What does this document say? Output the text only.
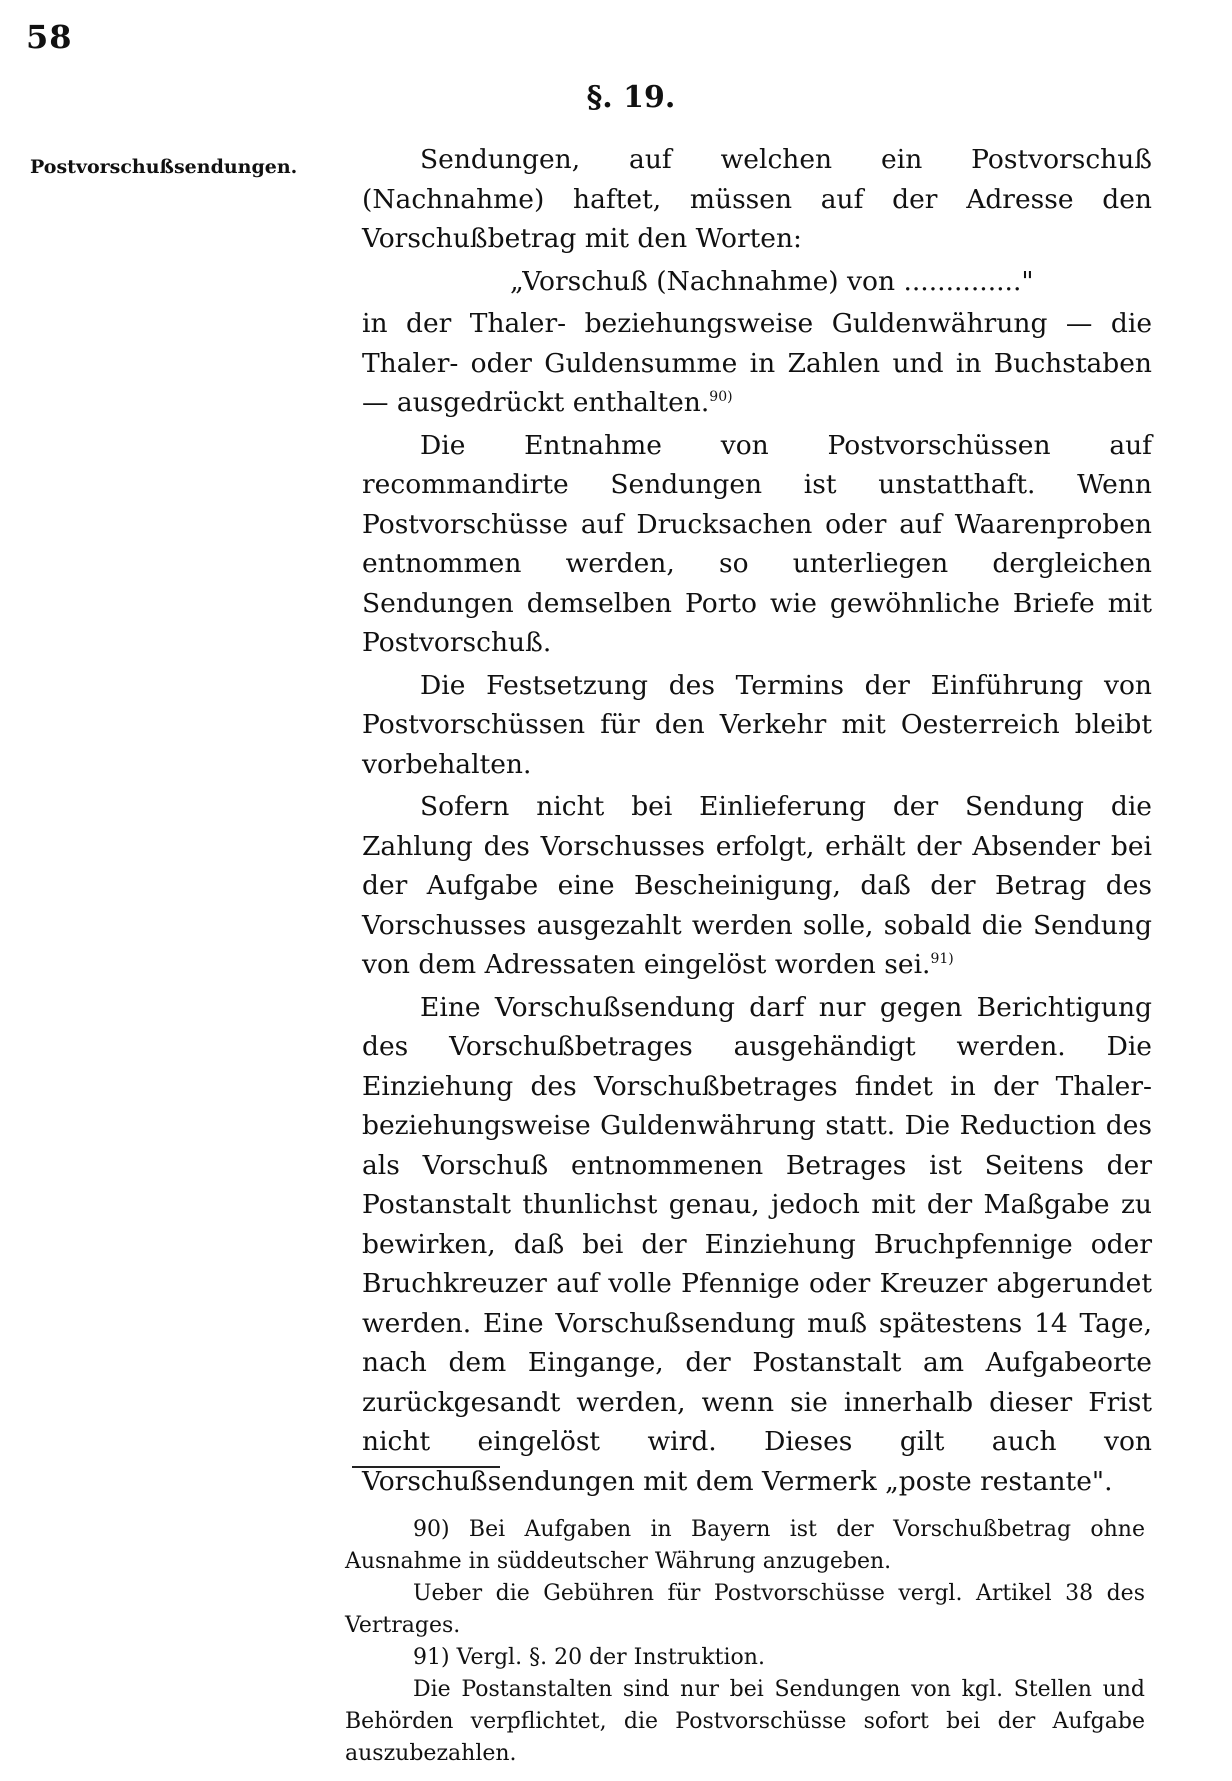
58
§. 19.
Postvorschußsendungen.	Sendungen, auf welchen ein Postvorschuß (Nachnahme) haftet, müssen auf der Adresse den Vorschußbetrag mit den Worten:

„Vorschuß (Nachnahme) von .............."

in der Thaler- beziehungsweise Guldenwährung — die Thaler- oder Guldensumme in Zahlen und in Buchstaben — ausgedrückt enthalten.$^{90)}$

Die Entnahme von Postvorschüssen auf recommandirte Sendungen ist unstatthaft. Wenn Postvorschüsse auf Drucksachen oder auf Waarenproben entnommen werden, so unterliegen dergleichen Sendungen demselben Porto wie gewöhnliche Briefe mit Postvorschuß.

Die Festsetzung des Termins der Einführung von Postvorschüssen für den Verkehr mit Oesterreich bleibt vorbehalten.

Sofern nicht bei Einlieferung der Sendung die Zahlung des Vorschusses erfolgt, erhält der Absender bei der Aufgabe eine Bescheinigung, daß der Betrag des Vorschusses ausgezahlt werden solle, sobald die Sendung von dem Adressaten eingelöst worden sei.$^{91)}$

Eine Vorschußsendung darf nur gegen Berichtigung des Vorschußbetrages ausgehändigt werden. Die Einziehung des Vorschußbetrages findet in der Thaler- beziehungsweise Guldenwährung statt. Die Reduction des als Vorschuß entnommenen Betrages ist Seitens der Postanstalt thunlichst genau, jedoch mit der Maßgabe zu bewirken, daß bei der Einziehung Bruchpfennige oder Bruchkreuzer auf volle Pfennige oder Kreuzer abgerundet werden. Eine Vorschußsendung muß spätestens 14 Tage, nach dem Eingange, der Postanstalt am Aufgabeorte zurückgesandt werden, wenn sie innerhalb dieser Frist nicht eingelöst wird. Dieses gilt auch von Vorschußsendungen mit dem Vermerk „poste restante".

90) Bei Aufgaben in Bayern ist der Vorschußbetrag ohne Ausnahme in süddeutscher Währung anzugeben.

Ueber die Gebühren für Postvorschüsse vergl. Artikel 38 des Vertrages.

91) Vergl. §. 20 der Instruktion.

Die Postanstalten sind nur bei Sendungen von kgl. Stellen und Behörden verpflichtet, die Postvorschüsse sofort bei der Aufgabe auszubezahlen.
